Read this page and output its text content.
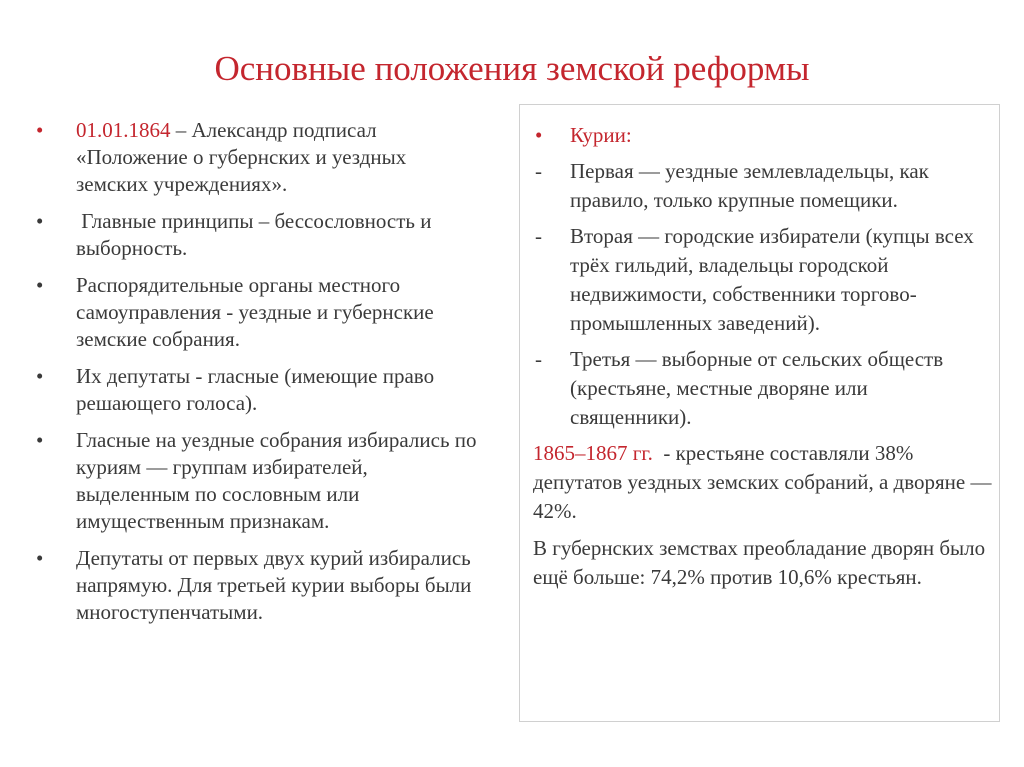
Основные положения земской реформы
•	01.01.1864 – Александр подписал «Положение о губернских и уездных земских учреждениях».
•	Главные принципы – бессословность и выборность.
•	Распорядительные органы местного самоуправления - уездные и губернские земские собрания.
•	Их депутаты - гласные (имеющие право решающего голоса).
•	Гласные на уездные собрания избирались по куриям — группам избирателей, выделенным по сословным или имущественным признакам.
•	Депутаты от первых двух курий избирались напрямую. Для третьей курии выборы были многоступенчатыми.
•	Курии:
-	Первая — уездные землевладельцы, как правило, только крупные помещики.
-	Вторая — городские избиратели (купцы всех трёх гильдий, владельцы городской недвижимости, собственники торгово-промышленных заведений).
-	Третья — выборные от сельских обществ (крестьяне, местные дворяне или священники).
1865–1867 гг.  - крестьяне составляли 38% депутатов уездных земских собраний, а дворяне — 42%.
В губернских земствах преобладание дворян было ещё больше: 74,2% против 10,6% крестьян.
